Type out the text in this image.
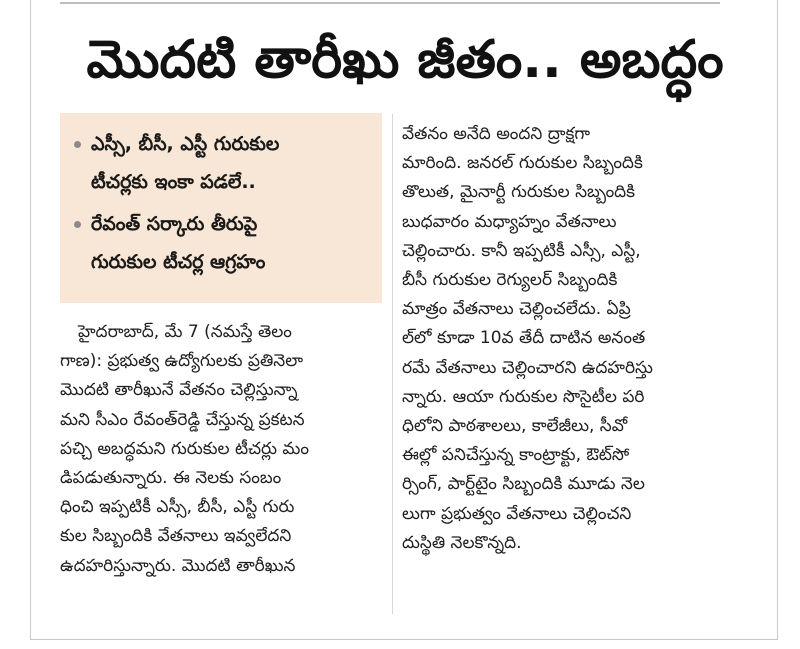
మొదటి తారీఖు జీతం.. అబద్ధం
ఎస్సీ, బీసీ, ఎస్టీ గురుకుల
టీచర్లకు ఇంకా పడలే..
రేవంత్ సర్కారు తీరుపై
గురుకుల టీచర్ల ఆగ్రహం
హైదరాబాద్, మే 7 (నమస్తే తెలం
గాణ): ప్రభుత్వ ఉద్యోగులకు ప్రతినెలా
మొదటి తారీఖునే వేతనం చెల్లిస్తున్నా
మని సీఎం రేవంత్‌రెడ్డి చేస్తున్న ప్రకటన
పచ్చి అబద్ధమని గురుకుల టీచర్లు మం
డిపడుతున్నారు. ఈ నెలకు సంబం
ధించి ఇప్పటికీ ఎస్సీ, బీసీ, ఎస్టీ గురు
కుల సిబ్బందికి వేతనాలు ఇవ్వలేదని
ఉదహరిస్తున్నారు. మొదటి తారీఖున
వేతనం అనేది అందని ద్రాక్షగా
మారింది. జనరల్ గురుకుల సిబ్బందికి
తొలుత, మైనార్టీ గురుకుల సిబ్బందికి
బుధవారం మధ్యాహ్నం వేతనాలు
చెల్లించారు. కానీ ఇప్పటికీ ఎస్సీ, ఎస్టీ,
బీసీ గురుకుల రెగ్యులర్ సిబ్బందికి
మాత్రం వేతనాలు చెల్లించలేదు. ఏప్రి
ల్‌లో కూడా 10వ తేదీ దాటిన అనంత
రమే వేతనాలు చెల్లించారని ఉదహరిస్తు
న్నారు. ఆయా గురుకుల సొసైటీల పరి
ధిలోని పాఠశాలలు, కాలేజీలు, సీవో
ఈల్లో పనిచేస్తున్న కాంట్రాక్టు, ఔట్‌సో
ర్సింగ్, పార్ట్‌టైం సిబ్బందికి మూడు నెల
లుగా ప్రభుత్వం వేతనాలు చెల్లించని
దుస్థితి నెలకొన్నది.
